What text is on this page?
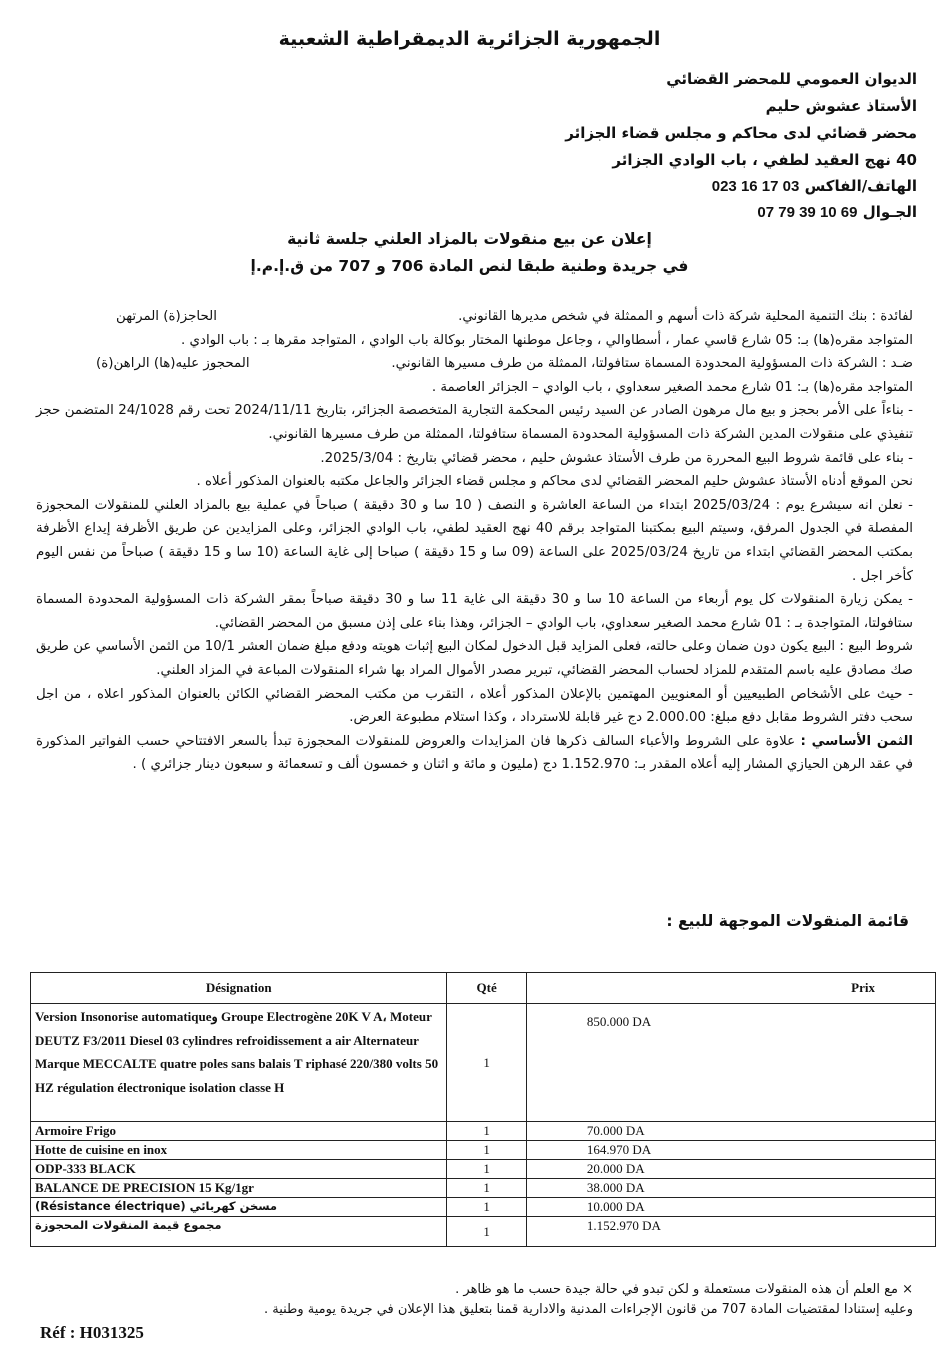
الجمهورية الجزائرية الديمقراطية الشعبية
الديوان العمومي للمحضر القضائي
الأستاذ عشوش حليم
محضر قضائي لدى محاكم و مجلس قضاء الجزائر
40 نهج العقيد لطفي ، باب الوادي الجزائر
الهاتف/الفاكس 023 16 17 03
الجـوال 07 79 39 10 69
إعلان عن بيع منقولات بالمزاد العلني جلسة ثانية
في جريدة وطنية طبقا لنص المادة 706 و 707 من ق.إ.م.إ
لفائدة : بنك التنمية المحلية شركة ذات أسهم و الممثلة في شخص مديرها القانوني.
الحاجز(ة) المرتهن

المتواجد مقره(ها) بـ: 05 شارع قاسي عمار ، أسطاوالي ، وجاعل موطنها المختار بوكالة باب الوادي ، المتواجد مقرها بـ : باب الوادي .

ضـد : الشركة ذات المسؤولية المحدودة المسماة ستافولتا، الممثلة من طرف مسيرها القانوني.
المحجوز عليه(ها) الراهن(ة)

المتواجد مقره(ها) بـ: 01 شارع محمد الصغير سعداوي ، باب الوادي – الجزائر العاصمة .

- بناءاً على الأمر بحجز و بيع مال مرهون الصادر عن السيد رئيس المحكمة التجارية المتخصصة الجزائر، بتاريخ 2024/11/11 تحت رقم 24/1028 المتضمن حجز تنفيذي على منقولات المدين الشركة ذات المسؤولية المحدودة المسماة ستافولتا، الممثلة من طرف مسيرها القانوني.

- بناء على قائمة شروط البيع المحررة من طرف الأستاذ عشوش حليم ، محضر قضائي بتاريخ : 2025/3/04.

نحن الموقع أدناه الأستاذ عشوش حليم المحضر القضائي لدى محاكم و مجلس قضاء الجزائر والجاعل مكتبه بالعنوان المذكور أعلاه .

- نعلن انه سيشرع يوم : 2025/03/24 ابتداء من الساعة العاشرة و النصف ( 10 سا و 30 دقيقة ) صباحاً في عملية بيع بالمزاد العلني للمنقولات المحجوزة المفصلة في الجدول المرفق، وسيتم البيع بمكتبنا المتواجد برقم 40 نهج العقيد لطفي، باب الوادي الجزائر، وعلى المزايدين عن طريق الأظرفة إيداع الأظرفة بمكتب المحضر القضائي ابتداء من تاريخ 2025/03/24 على الساعة (09 سا و 15 دقيقة ) صباحا إلى غاية الساعة (10 سا و 15 دقيقة ) صباحاً من نفس اليوم كأخر اجل .

- يمكن زيارة المنقولات كل يوم أربعاء من الساعة 10 سا و 30 دقيقة الى غاية 11 سا و 30 دقيقة صباحاً بمقر الشركة ذات المسؤولية المحدودة المسماة ستافولتا، المتواجدة بـ : 01 شارع محمد الصغير سعداوي، باب الوادي – الجزائر، وهذا بناء على إذن مسبق من المحضر القضائي.

شروط البيع : البيع يكون دون ضمان وعلى حالته، فعلى المزايد قبل الدخول لمكان البيع إثبات هويته ودفع مبلغ ضمان العشر 10/1 من الثمن الأساسي عن طريق صك مصادق عليه باسم المتقدم للمزاد لحساب المحضر القضائي، تبرير مصدر الأموال المراد بها شراء المنقولات المباعة في المزاد العلني.

- حيث على الأشخاص الطبيعيين أو المعنويين المهتمين بالإعلان المذكور أعلاه ، التقرب من مكتب المحضر القضائي الكائن بالعنوان المذكور اعلاه ، من اجل سحب دفتر الشروط مقابل دفع مبلغ: 2.000.00 دج غير قابلة للاسترداد ، وكذا استلام مطبوعة العرض.

الثمن الأساسي : علاوة على الشروط والأعباء السالف ذكرها فان المزايدات والعروض للمنقولات المحجوزة تبدأ بالسعر الافتتاحي حسب الفواتير المذكورة في عقد الرهن الحيازي المشار إليه أعلاه المقدر بـ: 1.152.970 دج (مليون و مائة و اثنان و خمسون ألف و تسعمائة و سبعون دينار جزائري ) .

قائمة المنقولات الموجهة للبيع :
Désignation	Qté	Prix
Version Insonorise automatiqueو Groupe Electrogène 20K V A، Moteur DEUTZ F3/2011 Diesel 03 cylindres refroidissement a air Alternateur Marque MECCALTE quatre poles sans balais T riphasé 220/380 volts 50 HZ régulation électronique isolation classe H	1	850.000 DA
Armoire Frigo	1	70.000 DA
Hotte de cuisine en inox	1	164.970 DA
ODP-333 BLACK	1	20.000 DA
BALANCE DE PRECISION 15 Kg/1gr	1	38.000 DA
مسخن كهربائي (Résistance électrique)	1	10.000 DA
مجموع قيمة المنقولات المحجوزة	1	1.152.970 DA
× مع العلم أن هذه المنقولات مستعملة و لكن تبدو في حالة جيدة حسب ما هو ظاهر .
وعليه إستنادا لمقتضيات المادة 707 من قانون الإجراءات المدنية والادارية قمنا بتعليق هذا الإعلان في جريدة يومية وطنية .
Réf : H031325
